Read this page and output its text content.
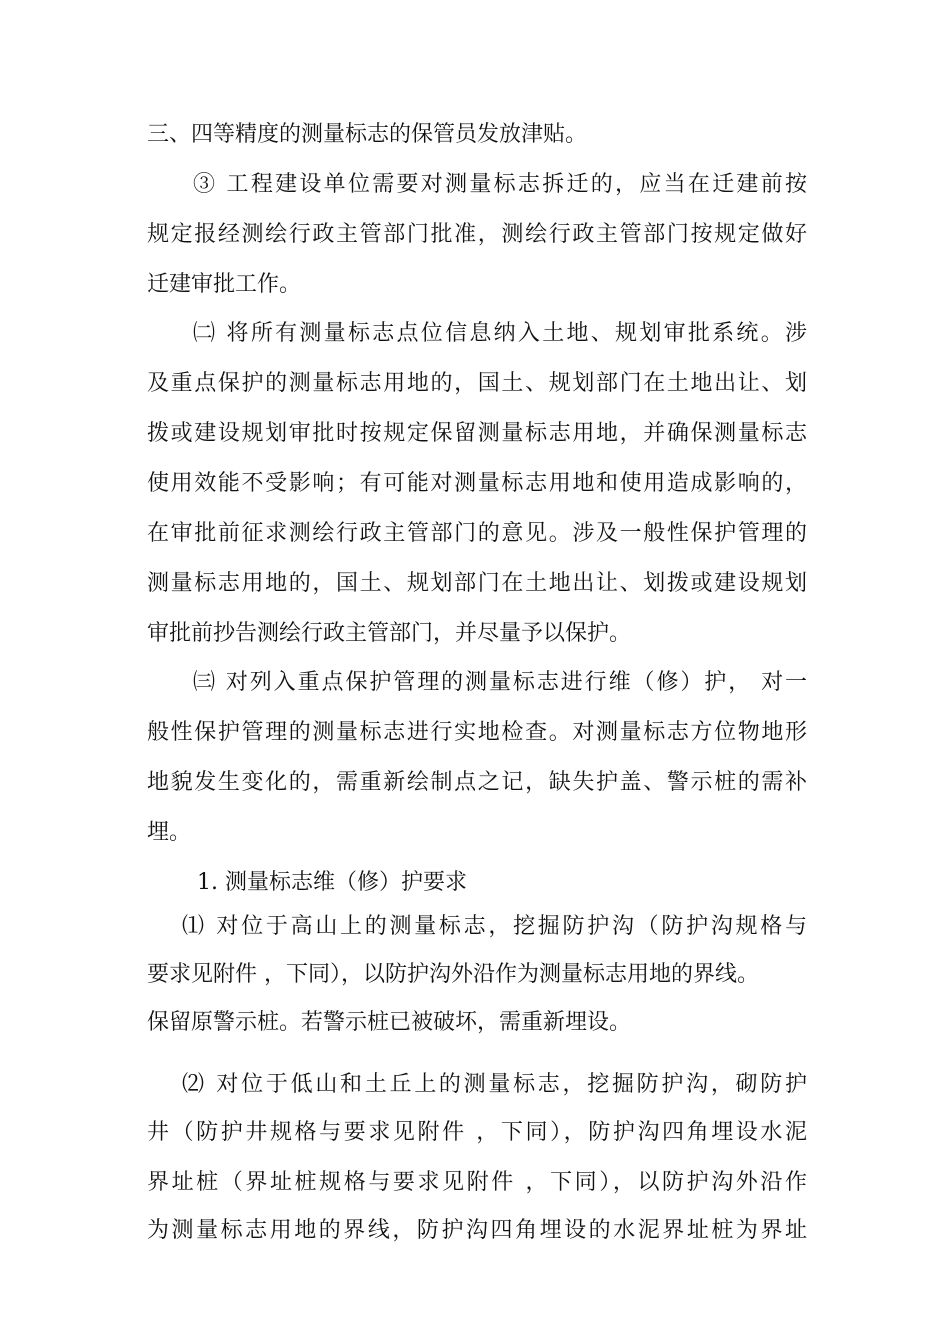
三、四等精度的测量标志的保管员发放津贴。

③ 工程建设单位需要对测量标志拆迁的，应当在迁建前按

规定报经测绘行政主管部门批准，测绘行政主管部门按规定做好

迁建审批工作。

㈡ 将所有测量标志点位信息纳入土地、规划审批系统。涉

及重点保护的测量标志用地的，国土、规划部门在土地出让、划

拨或建设规划审批时按规定保留测量标志用地，并确保测量标志

使用效能不受影响；有可能对测量标志用地和使用造成影响的，

在审批前征求测绘行政主管部门的意见。涉及一般性保护管理的

测量标志用地的，国土、规划部门在土地出让、划拨或建设规划

审批前抄告测绘行政主管部门，并尽量予以保护。

㈢ 对列入重点保护管理的测量标志进行维（修）护， 对一

般性保护管理的测量标志进行实地检查。对测量标志方位物地形

地貌发生变化的，需重新绘制点之记，缺失护盖、警示桩的需补

埋。

1. 测量标志维（修）护要求

⑴ 对位于高山上的测量标志，挖掘防护沟（防护沟规格与

要求见附件 ，下同），以防护沟外沿作为测量标志用地的界线。

保留原警示桩。若警示桩已被破坏，需重新埋设。

⑵ 对位于低山和土丘上的测量标志，挖掘防护沟，砌防护

井（防护井规格与要求见附件 ，下同），防护沟四角埋设水泥

界址桩（界址桩规格与要求见附件 ，下同），以防护沟外沿作

为测量标志用地的界线，防护沟四角埋设的水泥界址桩为界址
